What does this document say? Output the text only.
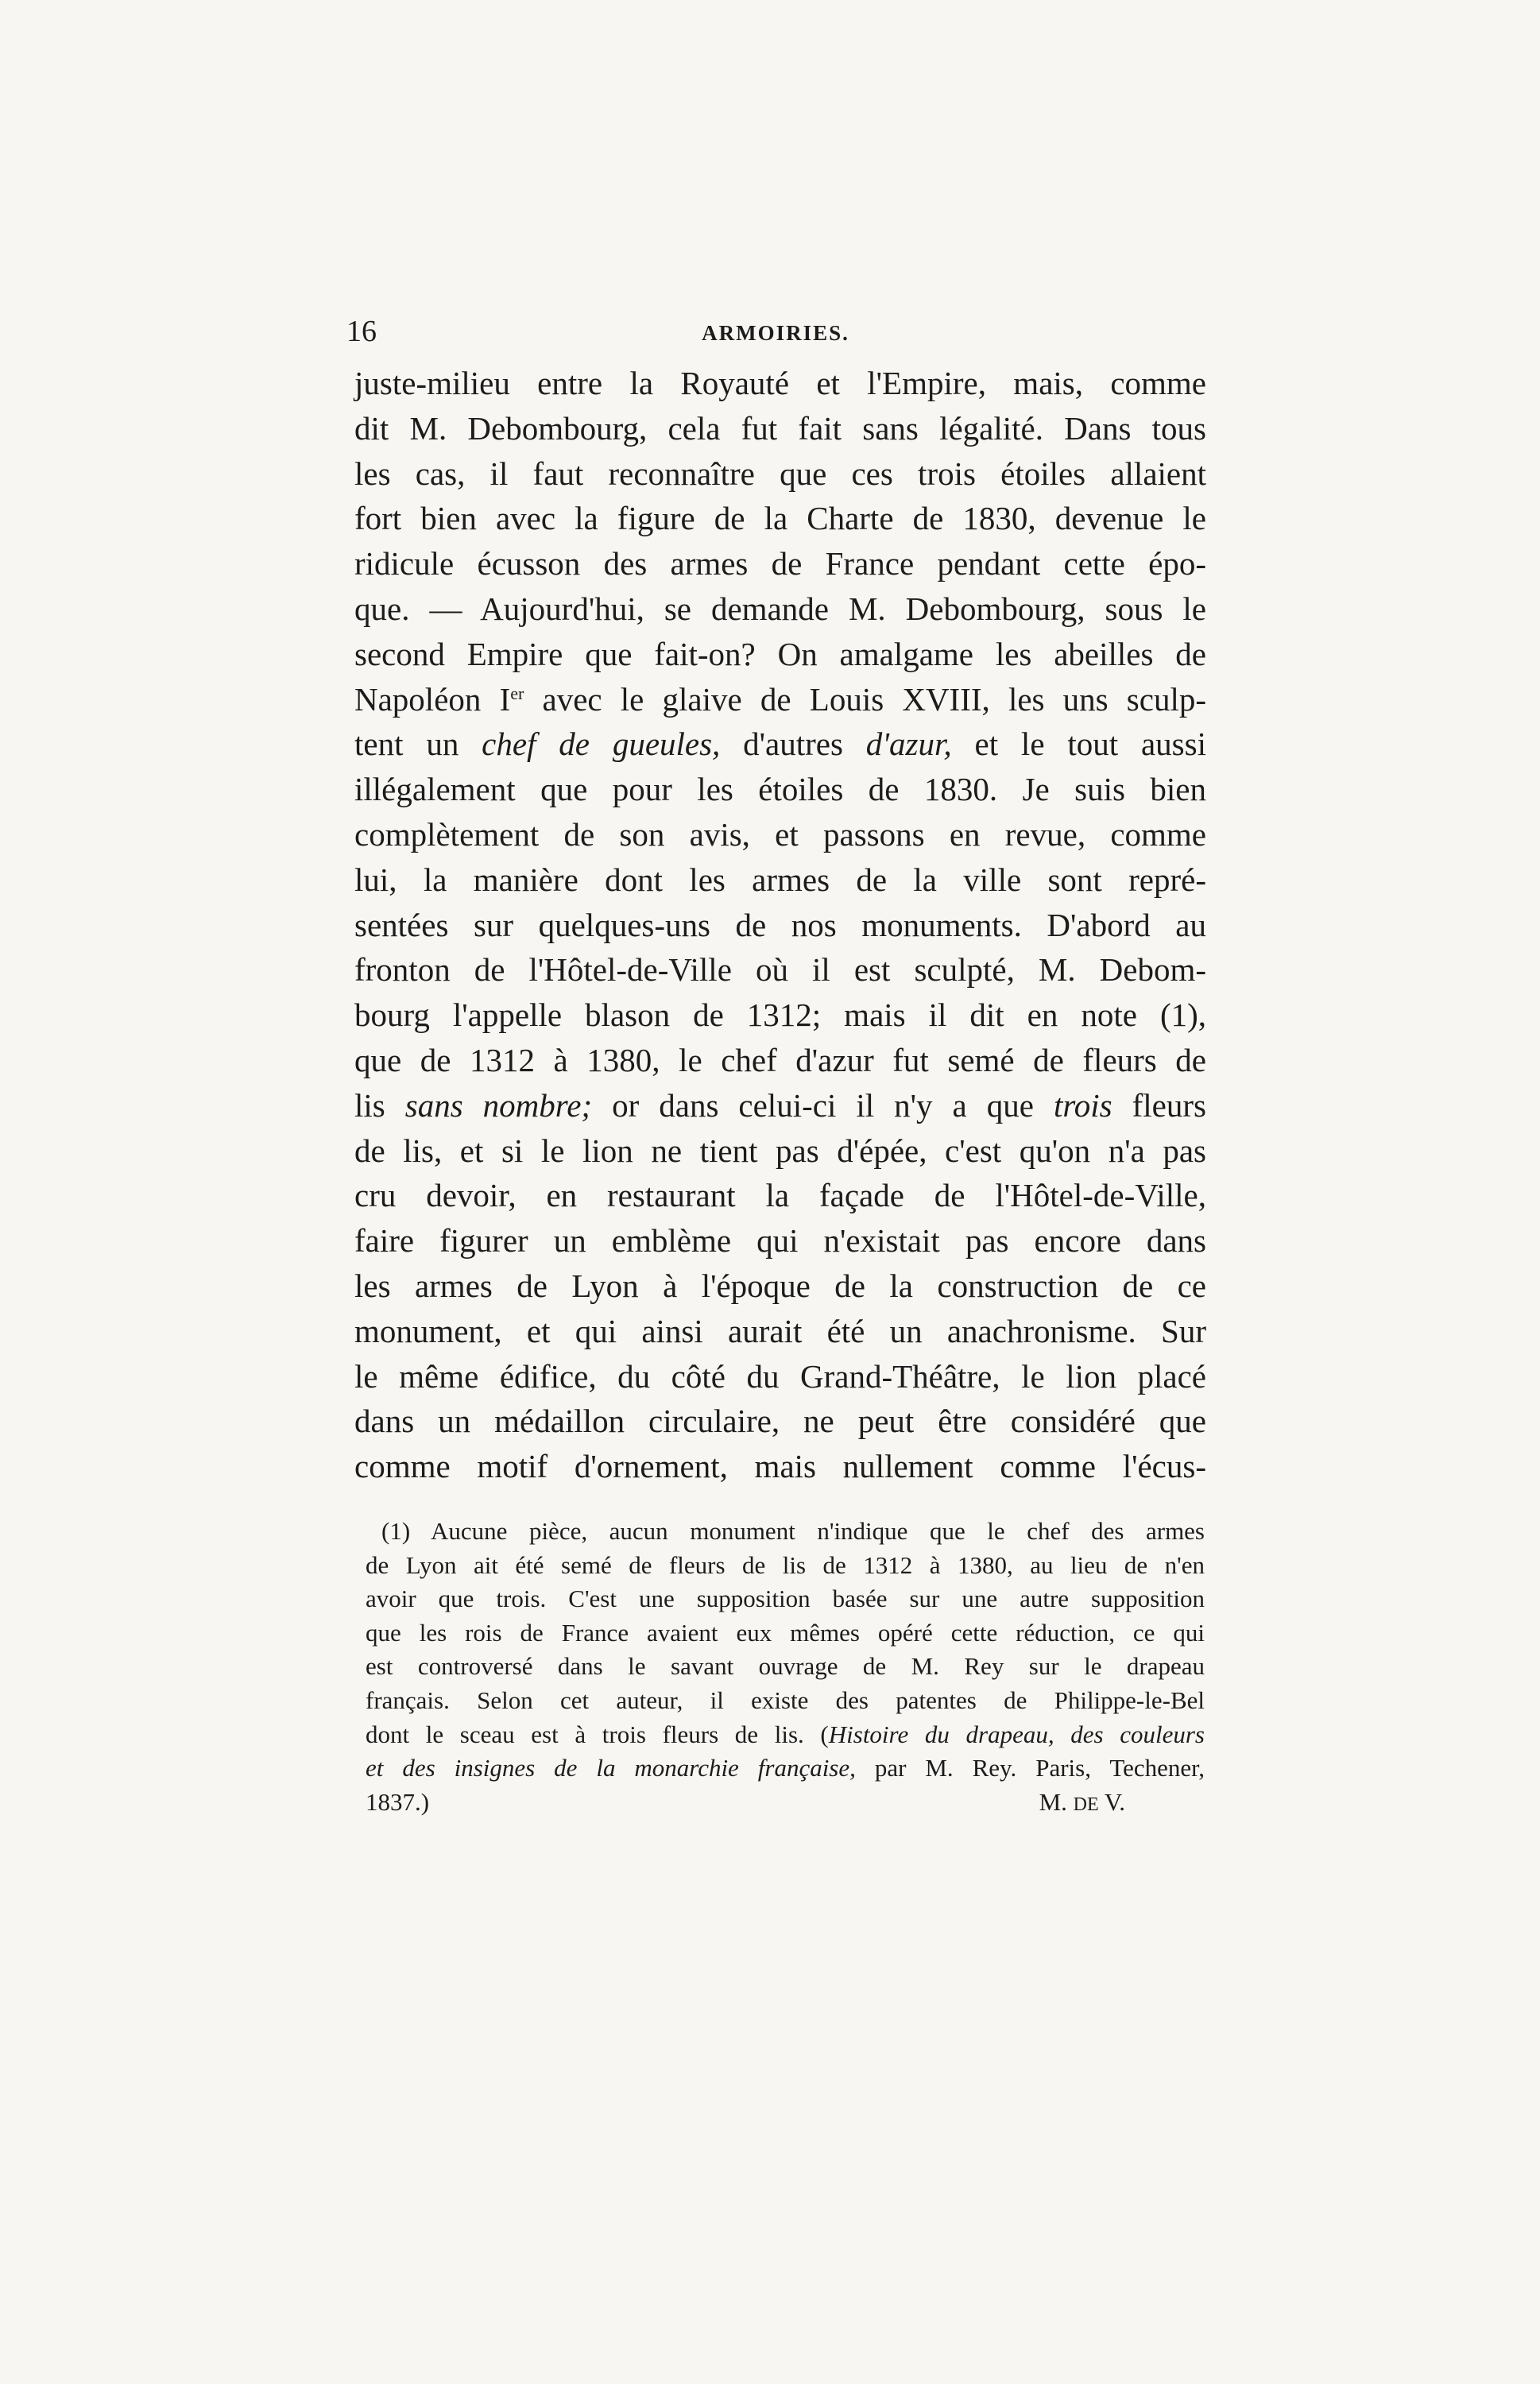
16	ARMOIRIES.
juste-milieu entre la Royauté et l'Empire, mais, comme
dit M. Debombourg, cela fut fait sans légalité. Dans tous
les cas, il faut reconnaître que ces trois étoiles allaient
fort bien avec la figure de la Charte de 1830, devenue le
ridicule écusson des armes de France pendant cette épo-
que. — Aujourd'hui, se demande M. Debombourg, sous le
second Empire que fait-on? On amalgame les abeilles de
Napoléon Ier avec le glaive de Louis XVIII, les uns sculp-
tent un chef de gueules, d'autres d'azur, et le tout aussi
illégalement que pour les étoiles de 1830. Je suis bien
complètement de son avis, et passons en revue, comme
lui, la manière dont les armes de la ville sont repré-
sentées sur quelques-uns de nos monuments. D'abord au
fronton de l'Hôtel-de-Ville où il est sculpté, M. Debom-
bourg l'appelle blason de 1312; mais il dit en note (1),
que de 1312 à 1380, le chef d'azur fut semé de fleurs de
lis sans nombre; or dans celui-ci il n'y a que trois fleurs
de lis, et si le lion ne tient pas d'épée, c'est qu'on n'a pas
cru devoir, en restaurant la façade de l'Hôtel-de-Ville,
faire figurer un emblème qui n'existait pas encore dans
les armes de Lyon à l'époque de la construction de ce
monument, et qui ainsi aurait été un anachronisme. Sur
le même édifice, du côté du Grand-Théâtre, le lion placé
dans un médaillon circulaire, ne peut être considéré que
comme motif d'ornement, mais nullement comme l'écus-
(1) Aucune pièce, aucun monument n'indique que le chef des armes
de Lyon ait été semé de fleurs de lis de 1312 à 1380, au lieu de n'en
avoir que trois. C'est une supposition basée sur une autre supposition
que les rois de France avaient eux mêmes opéré cette réduction, ce qui
est controversé dans le savant ouvrage de M. Rey sur le drapeau
français. Selon cet auteur, il existe des patentes de Philippe-le-Bel
dont le sceau est à trois fleurs de lis. (Histoire du drapeau, des couleurs
et des insignes de la monarchie française, par M. Rey. Paris, Techener,
1837.)	M. DE V.
